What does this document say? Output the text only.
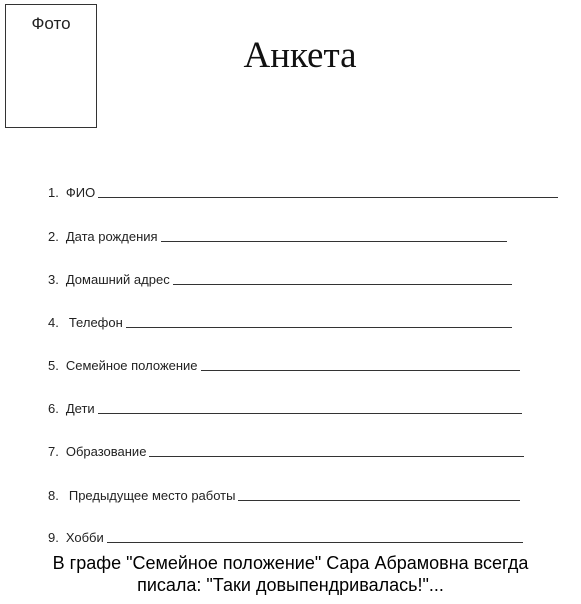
Фото
Анкета
1. ФИО
2. Дата рождения
3. Домашний адрес
4. Телефон
5. Семейное положение
6. Дети
7. Образование
8. Предыдущее место работы
9. Хобби
В графе "Семейное положение" Сара Абрамовна всегда
писала: "Таки довыпендривалась!"...
